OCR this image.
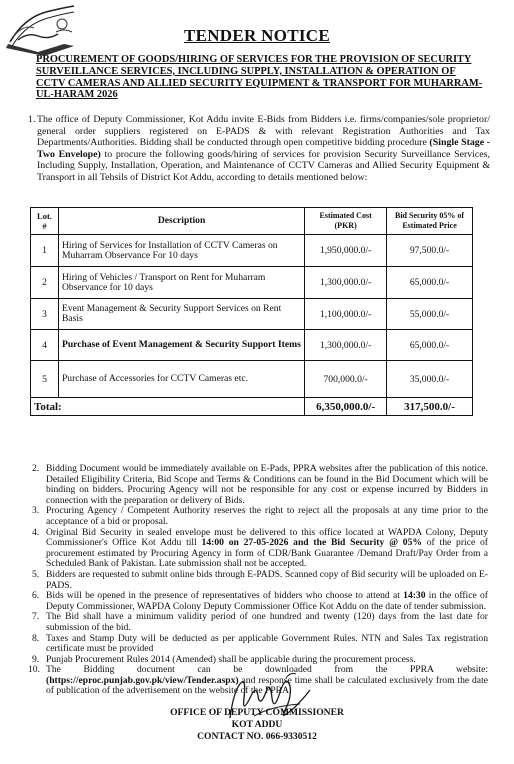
TENDER NOTICE
PROCUREMENT OF GOODS/HIRING OF SERVICES FOR THE PROVISION OF SECURITY SURVEILLANCE SERVICES, INCLUDING SUPPLY, INSTALLATION & OPERATION OF CCTV CAMERAS AND ALLIED SECURITY EQUIPMENT & TRANSPORT FOR MUHARRAM-UL-HARAM 2026
1. The office of Deputy Commissioner, Kot Addu invite E-Bids from Bidders i.e. firms/companies/sole proprietor/ general order suppliers registered on E-PADS & with relevant Registration Authorities and Tax Departments/Authorities. Bidding shall be conducted through open competitive bidding procedure (Single Stage -Two Envelope) to procure the following goods/hiring of services for provision Security Surveillance Services, Including Supply, Installation, Operation, and Maintenance of CCTV Cameras and Allied Security Equipment & Transport in all Tehsils of District Kot Addu, according to details mentioned below:
Lot. #	Description	Estimated Cost (PKR)	Bid Security 05% of Estimated Price
1	Hiring of Services for Installation of CCTV Cameras on Muharram Observance For 10 days	1,950,000.0/-	97,500.0/-
2	Hiring of Vehicles / Transport on Rent for Muharram Observance for 10 days	1,300,000.0/-	65,000.0/-
3	Event Management & Security Support Services on Rent Basis	1,100,000.0/-	55,000.0/-
4	Purchase of Event Management & Security Support Items	1,300,000.0/-	65,000.0/-
5	Purchase of Accessories for CCTV Cameras etc.	700,000.0/-	35,000.0/-
Total:		6,350,000.0/-	317,500.0/-
2. Bidding Document would be immediately available on E-Pads, PPRA websites after the publication of this notice. Detailed Eligibility Criteria, Bid Scope and Terms & Conditions can be found in the Bid Document which will be binding on bidders. Procuring Agency will not be responsible for any cost or expense incurred by Bidders in connection with the preparation or delivery of Bids.
3. Procuring Agency / Competent Authority reserves the right to reject all the proposals at any time prior to the acceptance of a bid or proposal.
4. Original Bid Security in sealed envelope must be delivered to this office located at WAPDA Colony, Deputy Commissioner's Office Kot Addu till 14:00 on 27-05-2026 and the Bid Security @ 05% of the price of procurement estimated by Procuring Agency in form of CDR/Bank Guarantee /Demand Draft/Pay Order from a Scheduled Bank of Pakistan. Late submission shall not be accepted.
5. Bidders are requested to submit online bids through E-PADS. Scanned copy of Bid security will be uploaded on E-PADS.
6. Bids will be opened in the presence of representatives of bidders who choose to attend at 14:30 in the office of Deputy Commissioner, WAPDA Colony Deputy Commissioner Office Kot Addu on the date of tender submission.
7. The Bid shall have a minimum validity period of one hundred and twenty (120) days from the last date for submission of the bid.
8. Taxes and Stamp Duty will be deducted as per applicable Government Rules. NTN and Sales Tax registration certificate must be provided
9. Punjab Procurement Rules 2014 (Amended) shall be applicable during the procurement process.
10. The Bidding document can be downloaded from the PPRA website: (https://eproc.punjab.gov.pk/view/Tender.aspx) and response time shall be calculated exclusively from the date of publication of the advertisement on the website of the PPRA.
OFFICE OF DEPUTY COMMISSIONER
KOT ADDU
CONTACT NO. 066-9330512
